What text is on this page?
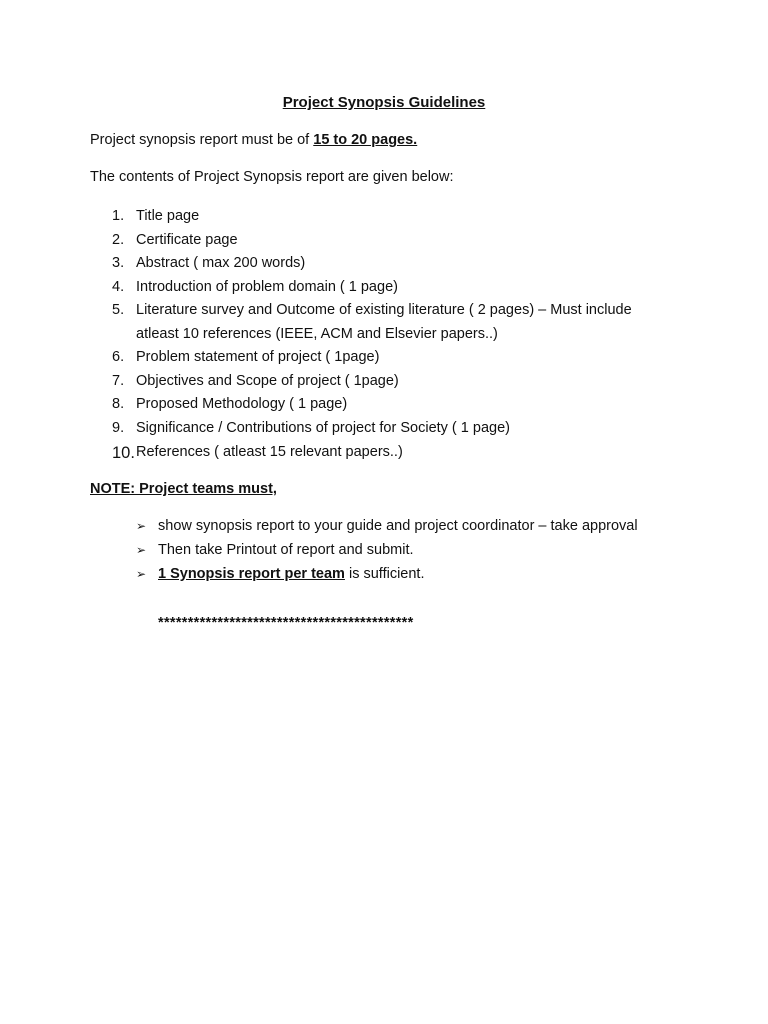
Project Synopsis Guidelines

Project synopsis report must be of 15 to 20 pages.

The contents of Project Synopsis report are given below:

1. Title page
2. Certificate page
3. Abstract ( max 200 words)
4. Introduction of problem domain ( 1 page)
5. Literature survey and Outcome of existing literature ( 2 pages) – Must include
atleast 10 references (IEEE, ACM and Elsevier papers..)
6. Problem statement of project ( 1page)
7. Objectives and Scope of project ( 1page)
8. Proposed Methodology ( 1 page)
9. Significance / Contributions of project for Society ( 1 page)
10. References ( atleast 15 relevant papers..)

NOTE: Project teams must,

➢ show synopsis report to your guide and project coordinator – take approval
➢ Then take Printout of report and submit.
➢ 1 Synopsis report per team is sufficient.

*******************************************
